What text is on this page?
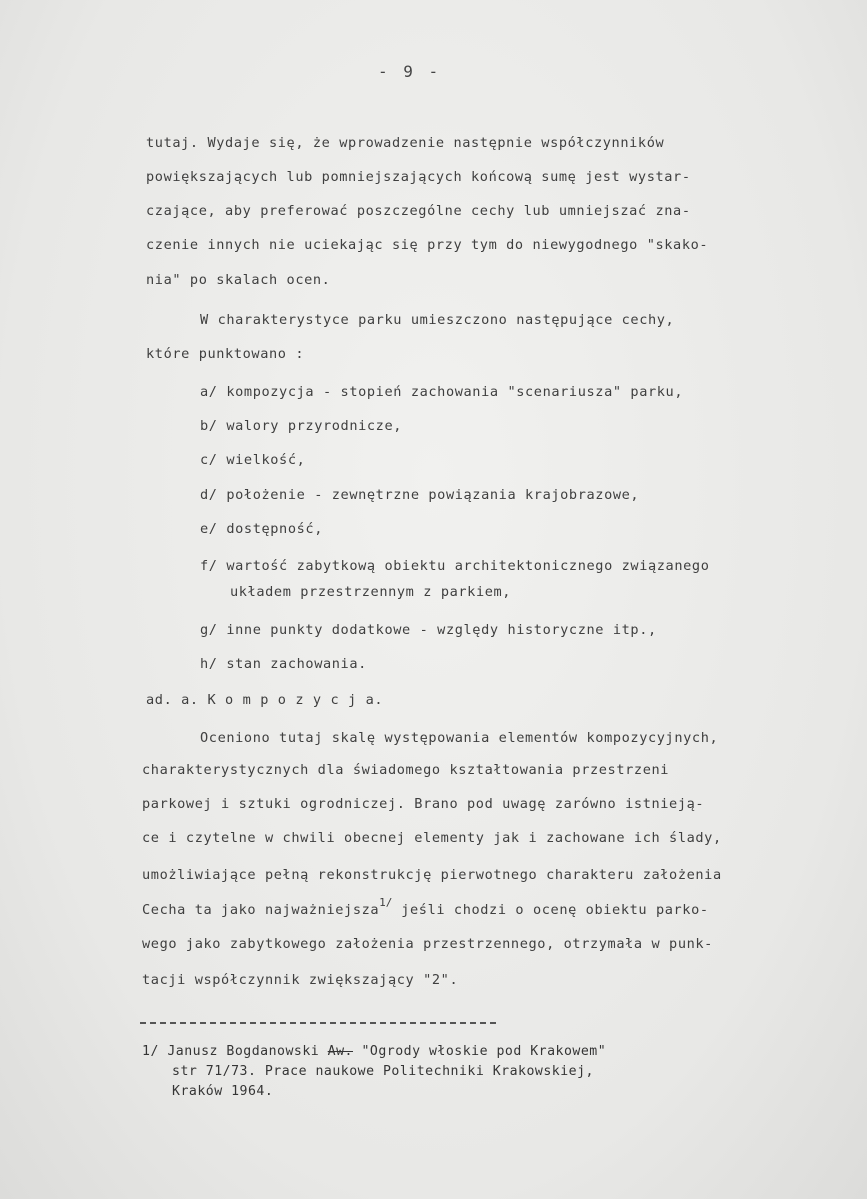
- 9 -
tutaj. Wydaje się, że wprowadzenie następnie współczynników
powiększających lub pomniejszających końcową sumę jest wystar-
czające, aby preferować poszczególne cechy lub umniejszać zna-
czenie innych nie uciekając się przy tym do niewygodnego "skako-
nia" po skalach ocen.
W charakterystyce parku umieszczono następujące cechy,
które punktowano :
a/ kompozycja - stopień zachowania "scenariusza" parku,
b/ walory przyrodnicze,
c/ wielkość,
d/ położenie - zewnętrzne powiązania krajobrazowe,
e/ dostępność,
f/ wartość zabytkową obiektu architektonicznego związanego
układem przestrzennym z parkiem,
g/ inne punkty dodatkowe - względy historyczne itp.,
h/ stan zachowania.
ad. a. K o m p o z y c j a.
Oceniono tutaj skalę występowania elementów kompozycyjnych,
charakterystycznych dla świadomego kształtowania przestrzeni
parkowej i sztuki ogrodniczej. Brano pod uwagę zarówno istnieją-
ce i czytelne w chwili obecnej elementy jak i zachowane ich ślady,
umożliwiające pełną rekonstrukcję pierwotnego charakteru założenia
Cecha ta jako najważniejsza$^{1/}$ jeśli chodzi o ocenę obiektu parko-
wego jako zabytkowego założenia przestrzennego, otrzymała w punk-
tacji współczynnik zwiększający "2".
1/ Janusz Bogdanowski Aw. "Ogrody włoskie pod Krakowem"
str 71/73. Prace naukowe Politechniki Krakowskiej,
Kraków 1964.
